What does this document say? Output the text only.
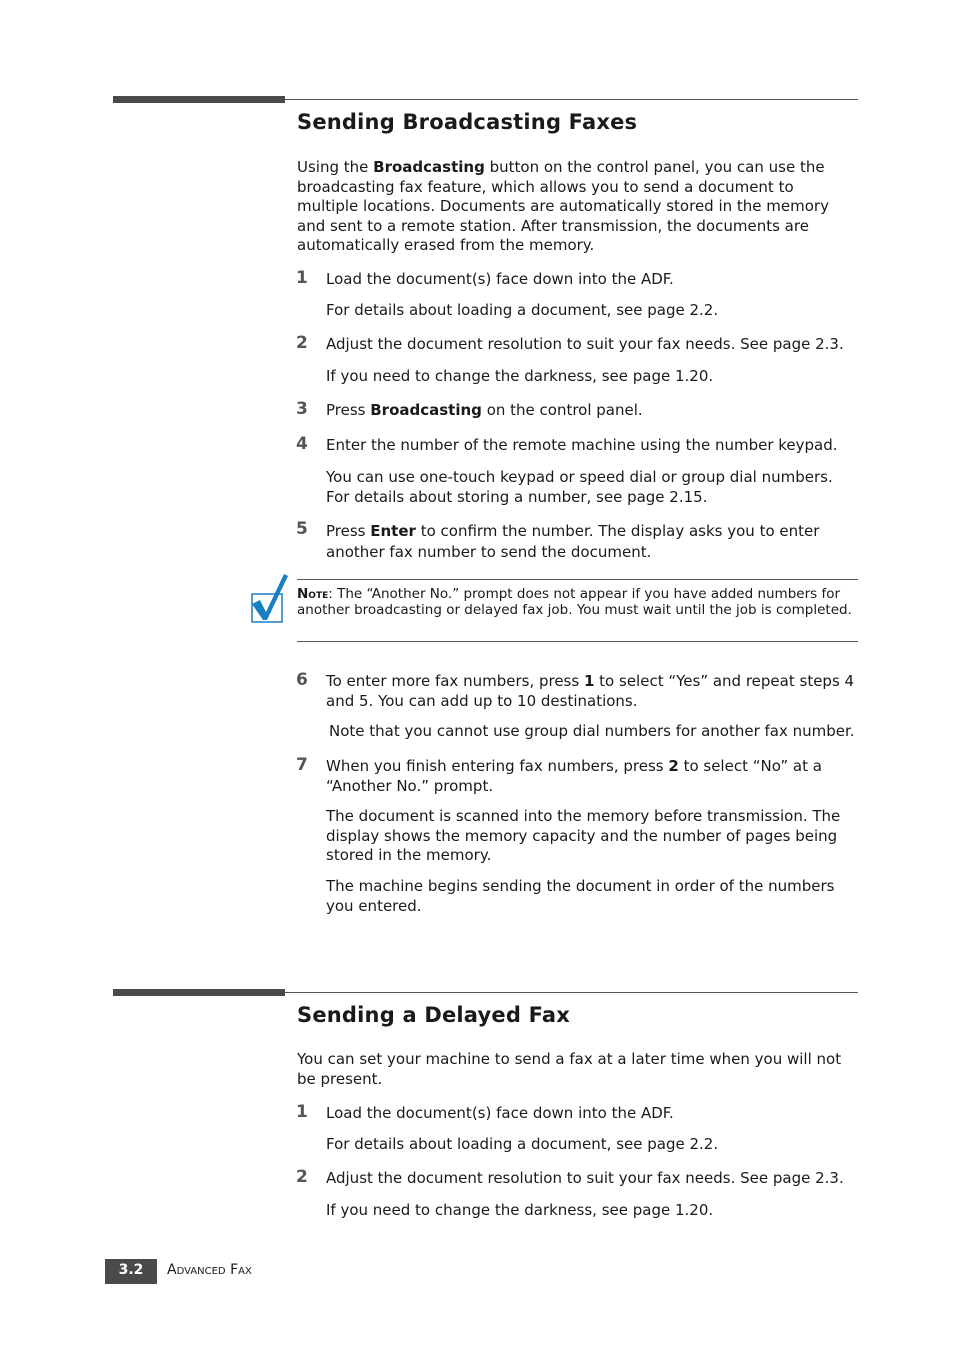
Sending Broadcasting Faxes
Using the Broadcasting button on the control panel, you can use the broadcasting fax feature, which allows you to send a document to multiple locations. Documents are automatically stored in the memory and sent to a remote station. After transmission, the documents are automatically erased from the memory.
1 Load the document(s) face down into the ADF.
For details about loading a document, see page 2.2.
2 Adjust the document resolution to suit your fax needs. See page 2.3.
If you need to change the darkness, see page 1.20.
3 Press Broadcasting on the control panel.
4 Enter the number of the remote machine using the number keypad.
You can use one-touch keypad or speed dial or group dial numbers. For details about storing a number, see page 2.15.
5 Press Enter to confirm the number. The display asks you to enter another fax number to send the document.
Note: The “Another No.” prompt does not appear if you have added numbers for another broadcasting or delayed fax job. You must wait until the job is completed.
6 To enter more fax numbers, press 1 to select “Yes” and repeat steps 4 and 5. You can add up to 10 destinations.
Note that you cannot use group dial numbers for another fax number.
7 When you finish entering fax numbers, press 2 to select “No” at a “Another No.” prompt.
The document is scanned into the memory before transmission. The display shows the memory capacity and the number of pages being stored in the memory.
The machine begins sending the document in order of the numbers you entered.
Sending a Delayed Fax
You can set your machine to send a fax at a later time when you will not be present.
1 Load the document(s) face down into the ADF.
For details about loading a document, see page 2.2.
2 Adjust the document resolution to suit your fax needs. See page 2.3.
If you need to change the darkness, see page 1.20.
3.2	Advanced Fax
